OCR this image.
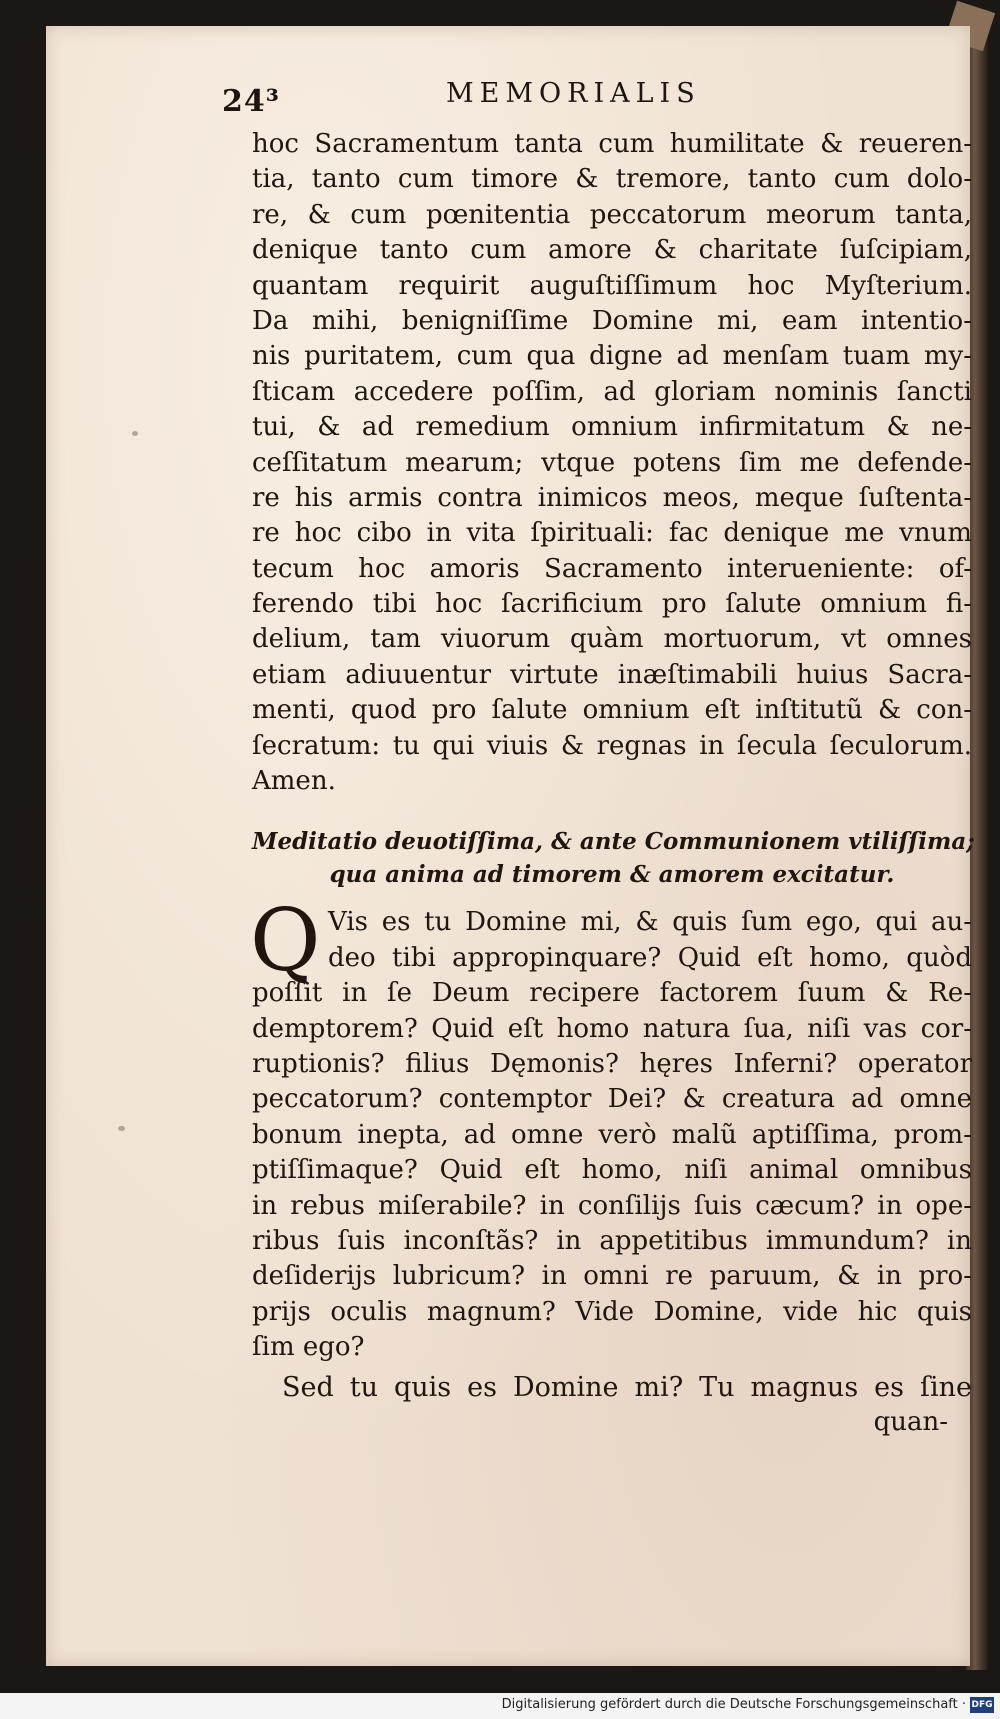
24³	MEMORIALIS
hoc Sacramentum tanta cum humilitate & reueren-
tia, tanto cum timore & tremore, tanto cum dolo-
re, & cum pœnitentia peccatorum meorum tanta,
denique tanto cum amore & charitate ſuſcipiam,
quantam requirit auguſtiſſimum hoc Myſterium.
Da mihi, benigniſſime Domine mi, eam intentio-
nis puritatem, cum qua digne ad menſam tuam my-
ſticam accedere poſſim, ad gloriam nominis ſancti
tui, & ad remedium omnium infirmitatum & ne-
ceſſitatum mearum; vtque potens ſim me defende-
re his armis contra inimicos meos, meque ſuſtenta-
re hoc cibo in vita ſpirituali: fac denique me vnum
tecum hoc amoris Sacramento interueniente: of-
ferendo tibi hoc ſacrificium pro ſalute omnium fi-
delium, tam viuorum quàm mortuorum, vt omnes
etiam adiuuentur virtute inæſtimabili huius Sacra-
menti, quod pro ſalute omnium eſt inſtitutũ & con-
ſecratum: tu qui viuis & regnas in ſecula ſeculorum.
Amen.
Meditatio deuotiſſima, & ante Communionem vtiliſſima;
qua anima ad timorem & amorem excitatur.
Q Vis es tu Domine mi, & quis ſum ego, qui au-
deo tibi appropinquare? Quid eſt homo, quòd
poſſit in ſe Deum recipere factorem ſuum & Re-
demptorem? Quid eſt homo natura ſua, niſi vas cor-
ruptionis? filius Dęmonis? hęres Inferni? operator
peccatorum? contemptor Dei? & creatura ad omne
bonum inepta, ad omne verò malũ aptiſſima, prom-
ptiſſimaque? Quid eſt homo, niſi animal omnibus
in rebus miſerabile? in conſilijs ſuis cæcum? in ope-
ribus ſuis inconſtãs? in appetitibus immundum? in
deſiderijs lubricum? in omni re paruum, & in pro-
prijs oculis magnum? Vide Domine, vide hic quis
ſim ego?
Sed tu quis es Domine mi? Tu magnus es ſine
quan-
Digitalisierung gefördert durch die Deutsche Forschungsgemeinschaft · DFG
